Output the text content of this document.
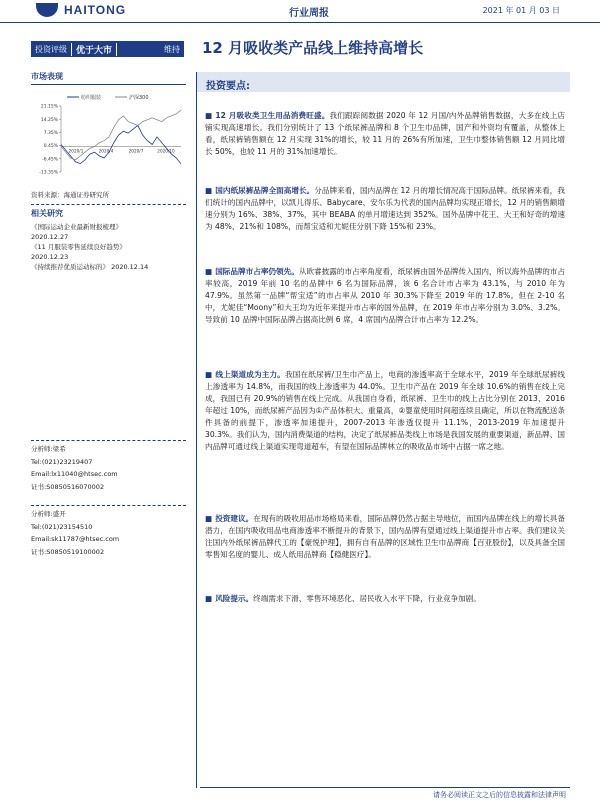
HAITONG	行业周报	2021 年 01 月 03 日
投资评级	优于大市	维持 12 月吸收类产品线上维持高增长
市场表现
纺织服装	沪深300
21.15%
14.25%
7.35%
0.45%
-6.45%
-13.35%
2020/1	2020/4	2020/7	2020/10
资料来源：海通证券研究所
相关研究
《国际运动企业最新财报梳理》
2020.12.27
《11 月服装零售延续良好趋势》
2020.12.23
《持续推荐优质运动标的》 2020.12.14
分析师:梁希
Tel:(021)23219407
Email:lx11040@htsec.com
证书:S0850516070002
分析师:盛开
Tel:(021)23154510
Email:sk11787@htsec.com
证书:S0850519100002
投资要点:
■ 12 月吸收类卫生用品消费旺盛。我们跟踪阅数据 2020 年 12 月国/内外品牌销售数据，大多在线上店铺实现高速增长。我们分别统计了 13 个纸尿裤品牌和 8 个卫生巾品牌，国产和外资均有覆盖，从整体上看，纸尿裤销售额在 12 月实现 31%的增长，较 11 月的 26%有所加速，卫生巾整体销售额 12 月同比增长 50%，也较 11 月的 31%加速增长。
■ 国内纸尿裤品牌全面高增长。分品牌来看，国内品牌在 12 月的增长情况高于国际品牌。纸尿裤来看，我们统计的国内品牌中，以凯儿得乐、Babycare、安尔乐为代表的国内品牌均实现正增长，12 月的销售额增速分别为 16%、38%、37%，其中 BEABA 的单月增速达到 352%。国外品牌中花王、大王和好奇的增速为 48%、21%和 108%，而帮宝适和尤妮佳分别下降 15%和 23%。
■ 国际品牌市占率仍领先。从欧睿披露的市占率角度看，纸尿裤由国外品牌传入国内，所以海外品牌的市占率较高，2019 年前 10 名的品牌中 6 名为国际品牌，该 6 名合计市占率为 43.1%，与 2010 年为 47.9%。虽然第一品牌“帮宝适”的市占率从 2010 年 30.3%下降至 2019 年的 17.8%。但在 2-10 名中，尤妮佳“Moony”和大王均为近年来提升市占率的国外品牌，在 2019 年市占率分别为 3.0%、3.2%。导致前 10 品牌中国际品牌占据高比例 6 席，4 席国内品牌合计市占率为 12.2%。
■ 线上渠道成为主力。我国在纸尿裤/卫生巾产品上，电商的渗透率高于全球水平，2019 年全球纸尿裤线上渗透率为 14.8%，而我国的线上渗透率为 44.0%。卫生巾产品在 2019 年全球 10.6%的销售在线上完成，我国已有 20.9%的销售在线上完成。从我国自身看，纸尿裤、卫生巾的线上占比分别在 2013、2016 年超过 10%，而纸尿裤产品因为①产品体积大、重量高，②婴童使用时间超连续且确定，所以在物流配送条件具备的前提下，渗透率加速提升，2007-2013 年渗透仅提升 11.1%，2013-2019 年加速提升 30.3%。我们认为，国内消费渠道的结构，决定了纸尿裤品类线上市场是我国发展的重要渠道，新品牌、国内品牌可通过线上渠道实现弯道超车，有望在国际品牌林立的吸收品市场中占据一席之地。
■ 投资建议。在现有的吸收用品市场格局来看，国际品牌仍然占据主导地位，而国内品牌在线上的增长具备潜力，在国内吸收用品电商渗透率不断提升的背景下，国内品牌有望通过线上渠道提升市占率。我们建议关注国内外纸尿裤品牌代工的【豪悦护理】，拥有自有品牌的区域性卫生巾品牌商【百亚股份】，以及具备全国零售知名度的婴儿、成人纸用品牌商【稳健医疗】。
■ 风险提示。终端需求下滑、零售环境恶化、居民收入水平下降，行业竞争加剧。
请务必阅读正文之后的信息披露和法律声明
